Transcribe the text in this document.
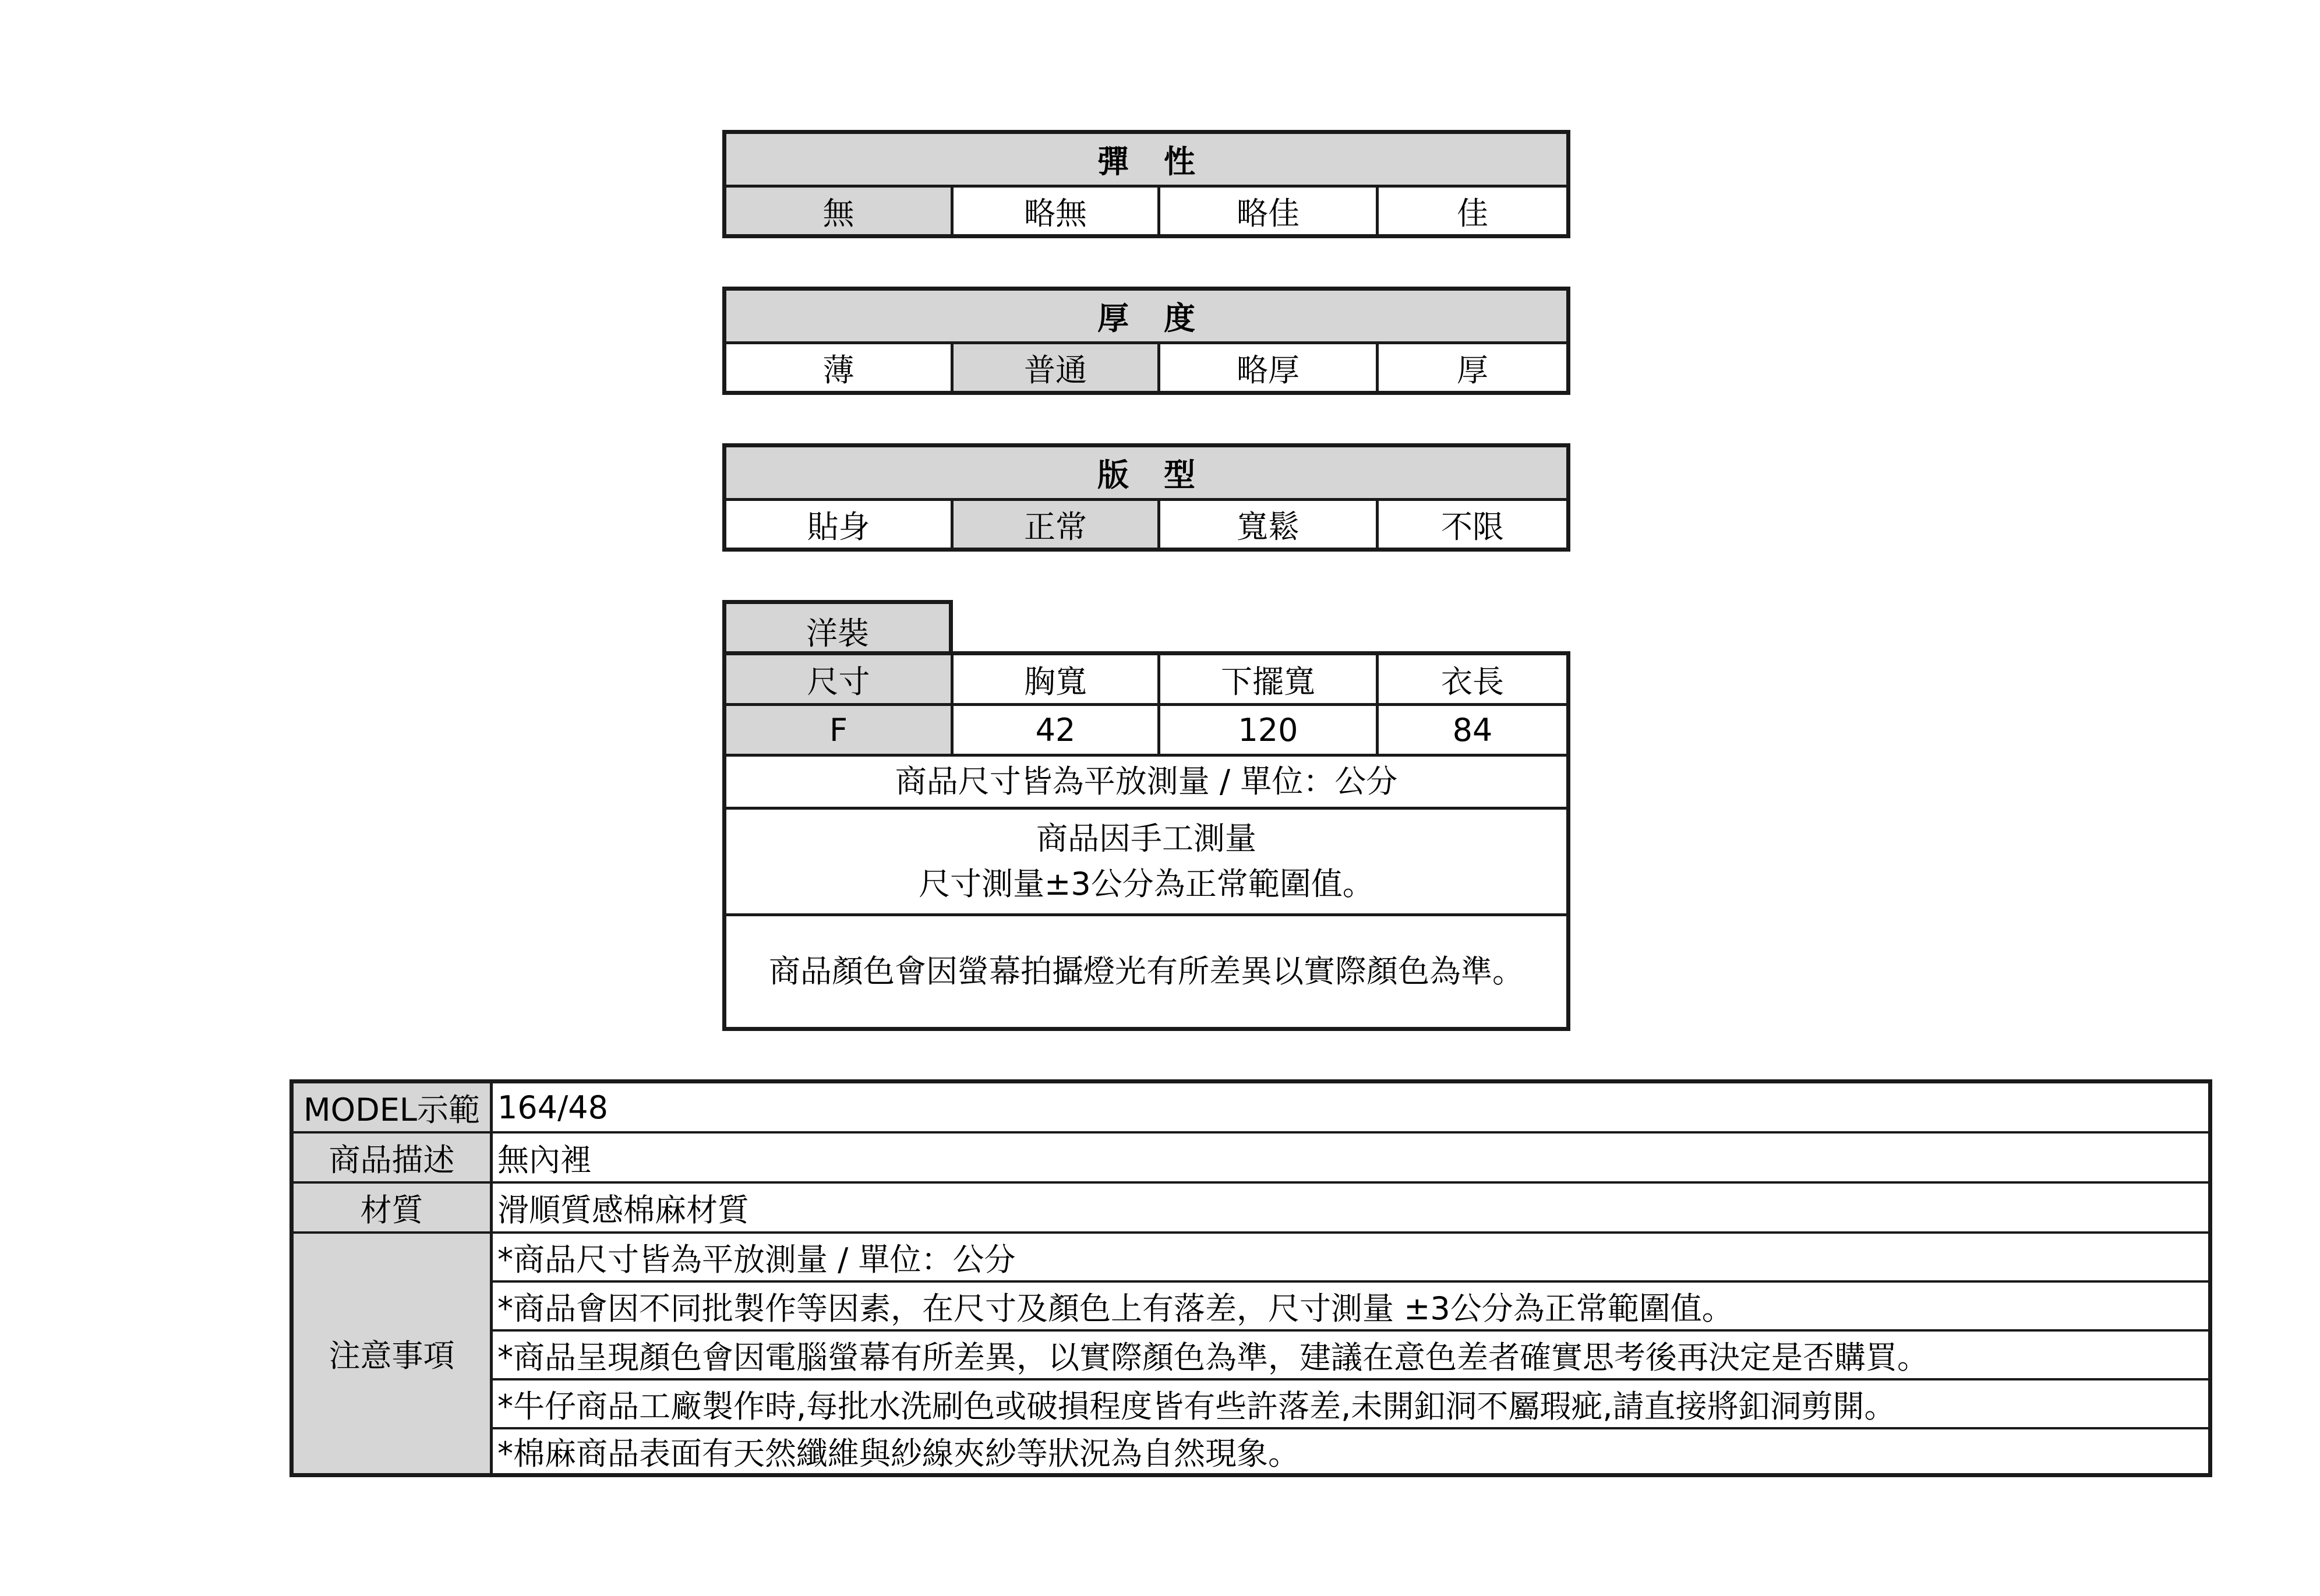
彈性
無	略無	略佳	佳
厚度
薄	普通	略厚	厚
版型
貼身	正常	寬鬆	不限
洋裝
尺寸	胸寬	下擺寬	衣長
F	42	120	84
商品尺寸皆為平放測量 / 單位：公分
商品因手工測量
尺寸測量±3公分為正常範圍值。
商品顏色會因螢幕拍攝燈光有所差異以實際顏色為準。
MODEL示範 164/48
商品描述	無內裡
材質	滑順質感棉麻材質
注意事項
*商品尺寸皆為平放測量 / 單位：公分
*商品會因不同批製作等因素，在尺寸及顏色上有落差，尺寸測量 ±3公分為正常範圍值。
*商品呈現顏色會因電腦螢幕有所差異，以實際顏色為準，建議在意色差者確實思考後再決定是否購買。
*牛仔商品工廠製作時,每批水洗刷色或破損程度皆有些許落差,未開釦洞不屬瑕疵,請直接將釦洞剪開。
*棉麻商品表面有天然纖維與紗線夾紗等狀況為自然現象。
